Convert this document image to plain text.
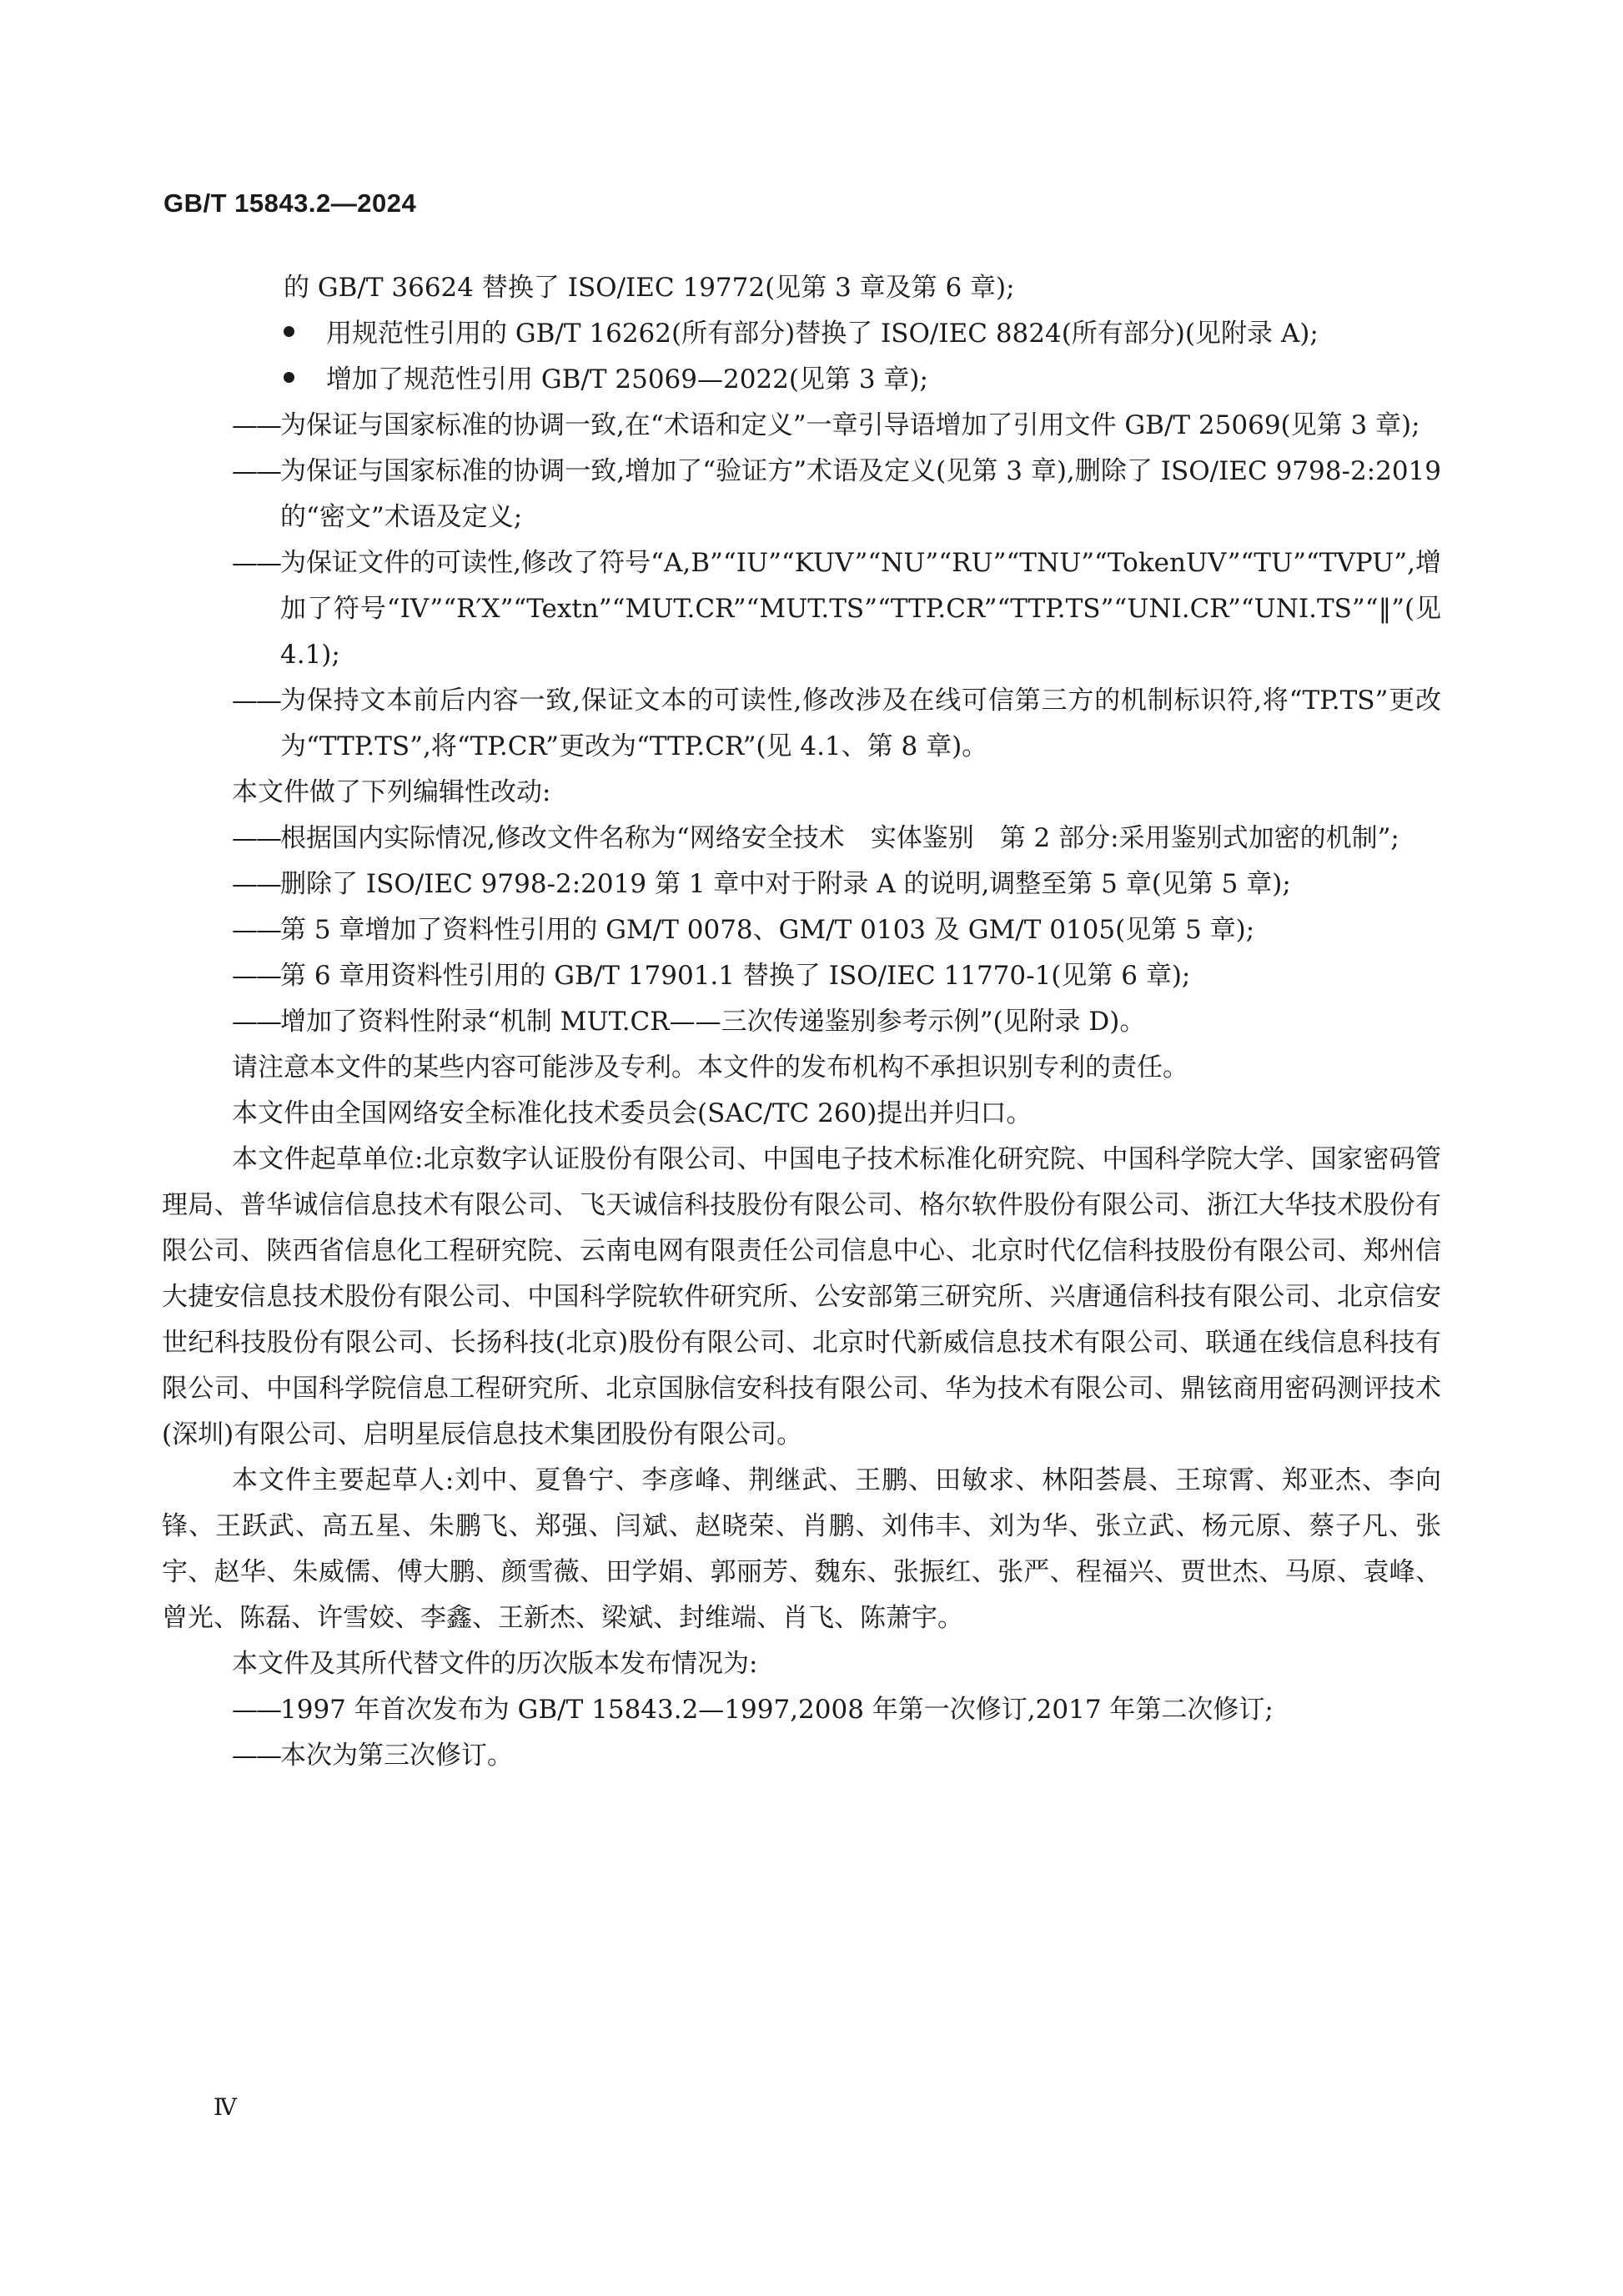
GB/T 15843.2—2024
的 GB/T 36624 替换了 ISO/IEC 19772(见第 3 章及第 6 章);
用规范性引用的 GB/T 16262(所有部分)替换了 ISO/IEC 8824(所有部分)(见附录 A);
增加了规范性引用 GB/T 25069—2022(见第 3 章);
—— 为保证与国家标准的协调一致,在“术语和定义”一章引导语增加了引用文件 GB/T 25069(见第 3 章);
—— 为保证与国家标准的协调一致,增加了“验证方”术语及定义(见第 3 章),删除了 ISO/IEC 9798-2:2019 的“密文”术语及定义;
—— 为保证文件的可读性,修改了符号“A,B”“IU”“KUV”“NU”“RU”“TNU”“TokenUV”“TU”“TVPU”,增加了符号“IV”“R′X”“Textn”“MUT.CR”“MUT.TS”“TTP.CR”“TTP.TS”“UNI.CR”“UNI.TS”“‖”(见 4.1);
—— 为保持文本前后内容一致,保证文本的可读性,修改涉及在线可信第三方的机制标识符,将“TP.TS”更改为“TTP.TS”,将“TP.CR”更改为“TTP.CR”(见 4.1、第 8 章)。
本文件做了下列编辑性改动:
—— 根据国内实际情况,修改文件名称为“网络安全技术　实体鉴别　第 2 部分:采用鉴别式加密的机制”;
—— 删除了 ISO/IEC 9798-2:2019 第 1 章中对于附录 A 的说明,调整至第 5 章(见第 5 章);
—— 第 5 章增加了资料性引用的 GM/T 0078、GM/T 0103 及 GM/T 0105(见第 5 章);
—— 第 6 章用资料性引用的 GB/T 17901.1 替换了 ISO/IEC 11770-1(见第 6 章);
—— 增加了资料性附录“机制 MUT.CR——三次传递鉴别参考示例”(见附录 D)。
请注意本文件的某些内容可能涉及专利。本文件的发布机构不承担识别专利的责任。
本文件由全国网络安全标准化技术委员会(SAC/TC 260)提出并归口。
本文件起草单位:北京数字认证股份有限公司、中国电子技术标准化研究院、中国科学院大学、国家密码管理局、普华诚信信息技术有限公司、飞天诚信科技股份有限公司、格尔软件股份有限公司、浙江大华技术股份有限公司、陕西省信息化工程研究院、云南电网有限责任公司信息中心、北京时代亿信科技股份有限公司、郑州信大捷安信息技术股份有限公司、中国科学院软件研究所、公安部第三研究所、兴唐通信科技有限公司、北京信安世纪科技股份有限公司、长扬科技(北京)股份有限公司、北京时代新威信息技术有限公司、联通在线信息科技有限公司、中国科学院信息工程研究所、北京国脉信安科技有限公司、华为技术有限公司、鼎铉商用密码测评技术(深圳)有限公司、启明星辰信息技术集团股份有限公司。
本文件主要起草人:刘中、夏鲁宁、李彦峰、荆继武、王鹏、田敏求、林阳荟晨、王琼霄、郑亚杰、李向锋、王跃武、高五星、朱鹏飞、郑强、闫斌、赵晓荣、肖鹏、刘伟丰、刘为华、张立武、杨元原、蔡子凡、张宇、赵华、朱威儒、傅大鹏、颜雪薇、田学娟、郭丽芳、魏东、张振红、张严、程福兴、贾世杰、马原、袁峰、曾光、陈磊、许雪姣、李鑫、王新杰、梁斌、封维端、肖飞、陈萧宇。
本文件及其所代替文件的历次版本发布情况为:
—— 1997 年首次发布为 GB/T 15843.2—1997,2008 年第一次修订,2017 年第二次修订;
—— 本次为第三次修订。
Ⅳ
